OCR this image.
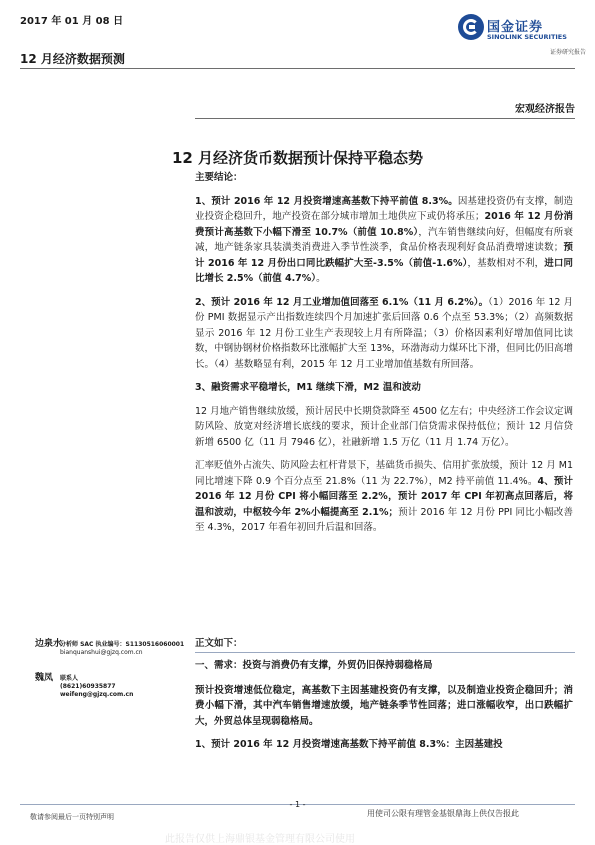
2017 年 01 月 08 日
12 月经济数据预测
国金证券
SINOLINK SECURITIES
证券研究报告
宏观经济报告
12 月经济货币数据预计保持平稳态势

主要结论：

1、预计 2016 年 12 月投资增速高基数下持平前值 8.3%。因基建投资仍有支撑，制造业投资企稳回升，地产投资在部分城市增加土地供应下或仍将承压；2016 年 12 月份消费预计高基数下小幅下滑至 10.7%（前值 10.8%），汽车销售继续向好，但幅度有所衰减，地产链条家具装潢类消费进入季节性淡季，食品价格表现利好食品消费增速读数；预计 2016 年 12 月份出口同比跌幅扩大至-3.5%（前值-1.6%），基数相对不利，进口同比增长 2.5%（前值 4.7%）。

2、预计 2016 年 12 月工业增加值回落至 6.1%（11 月 6.2%）。（1）2016 年 12 月份 PMI 数据显示产出指数连续四个月加速扩张后回落 0.6 个点至 53.3%；（2）高频数据显示 2016 年 12 月份工业生产表现较上月有所降温；（3）价格因素利好增加值同比读数，中钢协钢材价格指数环比涨幅扩大至 13%，环渤海动力煤环比下滑，但同比仍旧高增长。（4）基数略显有利，2015 年 12 月工业增加值基数有所回落。

3、融资需求平稳增长，M1 继续下滑，M2 温和波动

12 月地产销售继续放缓，预计居民中长期贷款降至 4500 亿左右；中央经济工作会议定调防风险、放宽对经济增长底线的要求，预计企业部门信贷需求保持低位；预计 12 月信贷新增 6500 亿（11 月 7946 亿），社融新增 1.5 万亿（11 月 1.74 万亿）。

汇率贬值外占流失、防风险去杠杆背景下，基础货币损失、信用扩张放缓，预计 12 月 M1 同比增速下降 0.9 个百分点至 21.8%（11 为 22.7%），M2 持平前值 11.4%。4、预计 2016 年 12 月份 CPI 将小幅回落至 2.2%，预计 2017 年 CPI 年初高点回落后，将温和波动，中枢较今年 2%小幅提高至 2.1%；预计 2016 年 12 月份 PPI 同比小幅改善至 4.3%，2017 年看年初回升后温和回落。

边泉水
分析师 SAC 执业编号：S1130516060001
bianquanshui@gjzq.com.cn
魏凤 联系人
(8621)60935877
weifeng@gjzq.com.cn

正文如下：

一、需求：投资与消费仍有支撑，外贸仍旧保持弱稳格局

预计投资增速低位稳定，高基数下主因基建投资仍有支撑，以及制造业投资企稳回升；消费小幅下滑，其中汽车销售增速放缓，地产链条季节性回落；进口涨幅收窄，出口跌幅扩大，外贸总体呈现弱稳格局。

1、预计 2016 年 12 月投资增速高基数下持平前值 8.3%：主因基建投

- 1 -
敬请参阅最后一页特别声明	用使司公限有理管金基银鼎海上供仅告报此
此报告仅供上海鼎银基金管理有限公司使用
